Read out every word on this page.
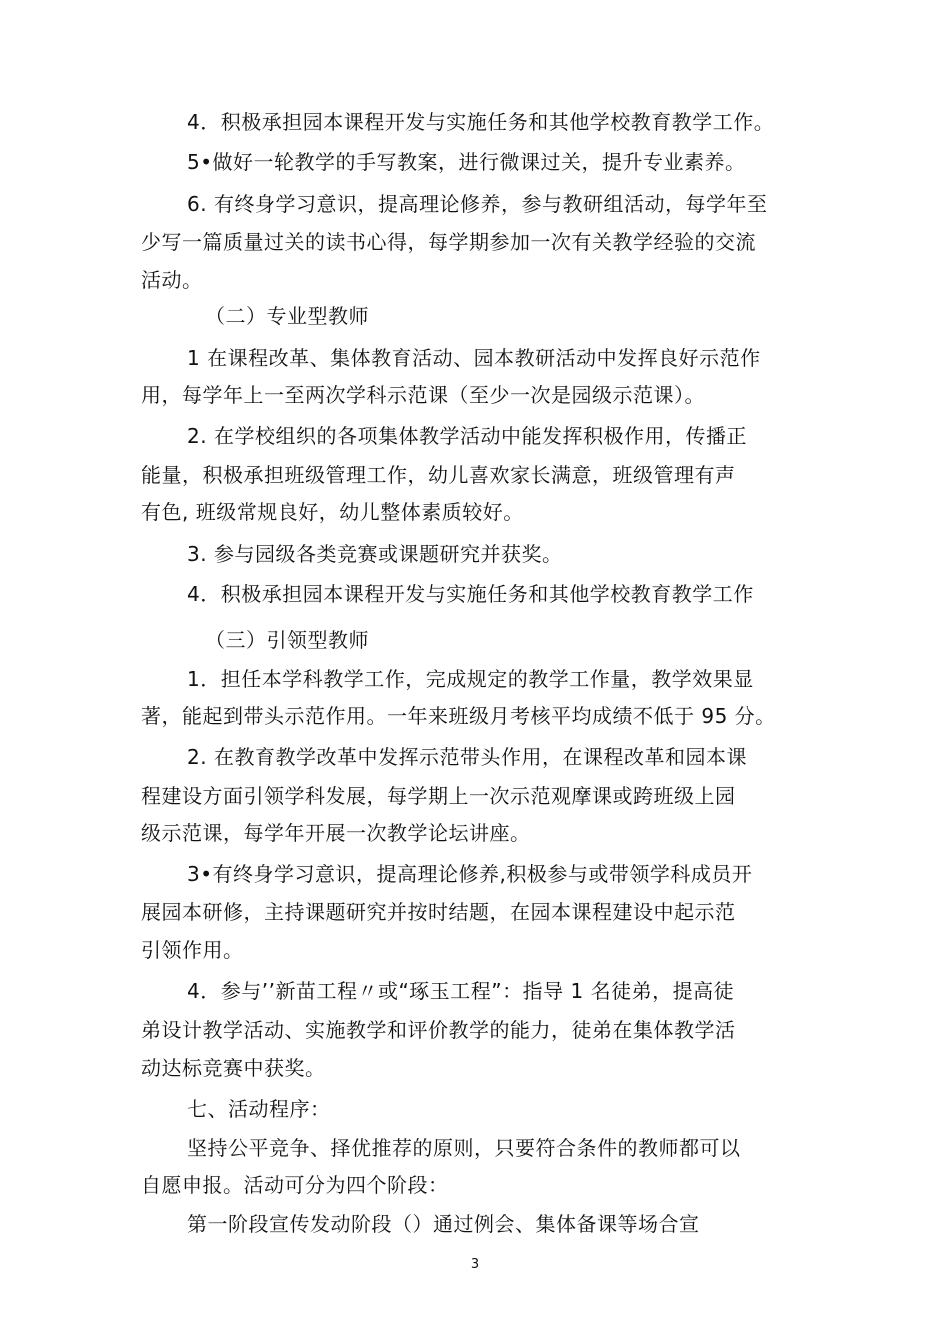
4．积极承担园本课程开发与实施任务和其他学校教育教学工作。
5•做好一轮教学的手写教案，进行微课过关，提升专业素养。
6. 有终身学习意识，提高理论修养，参与教研组活动，每学年至
少写一篇质量过关的读书心得，每学期参加一次有关教学经验的交流
活动。
（二）专业型教师
1 在课程改革、集体教育活动、园本教研活动中发挥良好示范作
用，每学年上一至两次学科示范课（至少一次是园级示范课）。
2. 在学校组织的各项集体教学活动中能发挥积极作用，传播正
能量，积极承担班级管理工作，幼儿喜欢家长满意，班级管理有声
有色, 班级常规良好，幼儿整体素质较好。
3. 参与园级各类竞赛或课题研究并获奖。
4．积极承担园本课程开发与实施任务和其他学校教育教学工作
（三）引领型教师
1．担任本学科教学工作，完成规定的教学工作量，教学效果显
著，能起到带头示范作用。一年来班级月考核平均成绩不低于 95 分。
2. 在教育教学改革中发挥示范带头作用，在课程改革和园本课
程建设方面引领学科发展，每学期上一次示范观摩课或跨班级上园
级示范课，每学年开展一次教学论坛讲座。
3•有终身学习意识，提高理论修养,积极参与或带领学科成员开
展园本研修，主持课题研究并按时结题，在园本课程建设中起示范
引领作用。
4．参与’’新苗工程〃或“琢玉工程”：指导 1 名徒弟，提高徒
弟设计教学活动、实施教学和评价教学的能力，徒弟在集体教学活
动达标竞赛中获奖。
七、活动程序：
坚持公平竞争、择优推荐的原则，只要符合条件的教师都可以
自愿申报。活动可分为四个阶段：
第一阶段宣传发动阶段（）通过例会、集体备课等场合宣
3
